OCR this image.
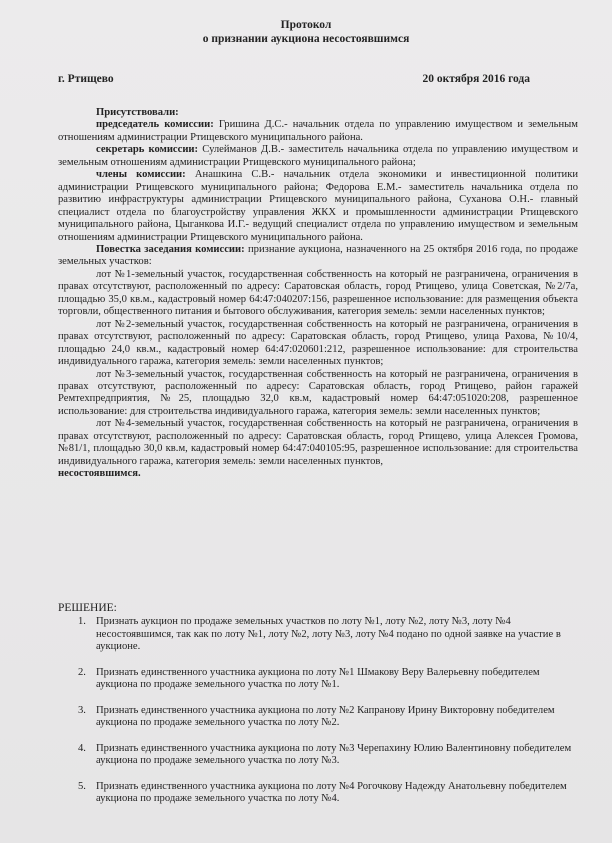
Протокол
о признании аукциона несостоявшимся
г. Ртищево	20 октября 2016 года

Присутствовали:

председатель комиссии: Гришина Д.С.- начальник отдела по управлению имуществом и земельным отношениям администрации Ртищевского муниципального района.

секретарь комиссии: Сулейманов Д.В.- заместитель начальника отдела по управлению имуществом и земельным отношениям администрации Ртищевского муниципального района;

члены комиссии: Анашкина С.В.- начальник отдела экономики и инвестиционной политики администрации Ртищевского муниципального района; Федорова Е.М.- заместитель начальника отдела по развитию инфраструктуры администрации Ртищевского муниципального района, Суханова О.Н.- главный специалист отдела по благоустройству управления ЖКХ и промышленности администрации Ртищевского муниципального района, Цыганкова И.Г.- ведущий специалист отдела по управлению имуществом и земельным отношениям администрации Ртищевского муниципального района.

Повестка заседания комиссии: признание аукциона, назначенного на 25 октября 2016 года, по продаже земельных участков:

лот №1-земельный участок, государственная собственность на который не разграничена, ограничения в правах отсутствуют, расположенный по адресу: Саратовская область, город Ртищево, улица Советская, №2/7а, площадью 35,0 кв.м., кадастровый номер 64:47:040207:156, разрешенное использование: для размещения объекта торговли, общественного питания и бытового обслуживания, категория земель: земли населенных пунктов;

лот №2-земельный участок, государственная собственность на который не разграничена, ограничения в правах отсутствуют, расположенный по адресу: Саратовская область, город Ртищево, улица Рахова, №10/4, площадью 24,0 кв.м., кадастровый номер 64:47:020601:212, разрешенное использование: для строительства индивидуального гаража, категория земель: земли населенных пунктов;

лот №3-земельный участок, государственная собственность на который не разграничена, ограничения в правах отсутствуют, расположенный по адресу: Саратовская область, город Ртищево, район гаражей Ремтехпредприятия, №25, площадью 32,0 кв.м, кадастровый номер 64:47:051020:208, разрешенное использование: для строительства индивидуального гаража, категория земель: земли населенных пунктов;

лот №4-земельный участок, государственная собственность на который не разграничена, ограничения в правах отсутствуют, расположенный по адресу: Саратовская область, город Ртищево, улица Алексея Громова, №81/1, площадью 30,0 кв.м, кадастровый номер 64:47:040105:95, разрешенное использование: для строительства индивидуального гаража, категория земель: земли населенных пунктов,

несостоявшимся.

РЕШЕНИЕ:
1. Признать аукцион по продаже земельных участков по лоту №1, лоту №2, лоту №3, лоту №4 несостоявшимся, так как по лоту №1, лоту №2, лоту №3, лоту №4 подано по одной заявке на участие в аукционе.
2. Признать единственного участника аукциона по лоту №1 Шмакову Веру Валерьевну победителем аукциона по продаже земельного участка по лоту №1.
3. Признать единственного участника аукциона по лоту №2 Капранову Ирину Викторовну победителем аукциона по продаже земельного участка по лоту №2.
4. Признать единственного участника аукциона по лоту №3 Черепахину Юлию Валентиновну победителем аукциона по продаже земельного участка по лоту №3.
5. Признать единственного участника аукциона по лоту №4 Рогочкову Надежду Анатольевну победителем аукциона по продаже земельного участка по лоту №4.
